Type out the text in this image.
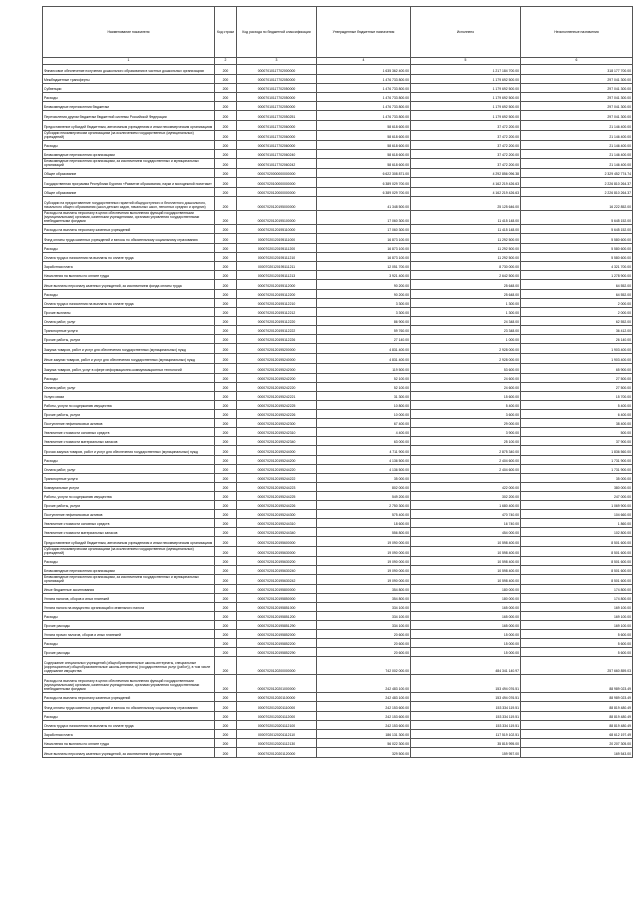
Наименование показателя	Код строки	Код расхода по бюджетной классификации	Утвержденные бюджетные назначения	Исполнено	Неисполненные назначения
1	2	3	4	5	6
Финансовое обеспечение получения дошкольного образования в частных дошкольных организациях	200	00007010117702000000	1 635 362 400.00	1 217 184 700.00	318 177 700.00
Межбюджетные трансферты	200	00007010117702050000	1 476 733 800.00	1 179 692 500.00	297 041 300.00
Субвенции	200	00007010117702050000	1 476 733 800.00	1 179 692 500.00	297 041 300.00
Расходы	200	00007010117702050000	1 476 733 800.00	1 179 692 500.00	297 041 300.00
Безвозмездные перечисления бюджетам	200	00007010117702050000	1 476 733 800.00	1 179 692 500.00	297 041 300.00
Перечисления другим бюджетам бюджетной системы Российской Федерации	200	00007010117702050251	1 476 733 800.00	1 179 692 500.00	297 041 300.00
Предоставление субсидий бюджетным, автономным учреждениям и иным некоммерческим организациям	200	00007010117702060000	58 618 600.00	37 472 200.00	21 146 400.00
Субсидии некоммерческим организациям (за исключением государственных (муниципальных) учреждений)	200	00007010117702060000	58 618 600.00	37 472 200.00	21 146 400.00
Расходы	200	00007010117702060000	58 618 600.00	37 472 200.00	21 146 400.00
Безвозмездные перечисления организациям	200	00007010117702060240	58 618 600.00	37 472 200.00	21 146 400.00
Безвозмездные перечисления организациям, за исключением государственных и муниципальных организаций	200	00007010117702060242	58 618 600.00	37 472 200.00	21 146 400.00
Общее образование	200	00007020000000000000	6 622 308 871.00	4 292 856 096.38	2 329 452 774.74
Государственная программа Республики Бурятия «Развитие образования, науки и молодежной политики»	200	00007020100000000000	6 389 029 700.00	4 162 219 426.63	2 226 810 264.37
Общее образование	200	00007020120000000000	6 389 029 700.00	4 162 219 426.63	2 226 810 264.37
Субсидии на предоставление государственных гарантий общедоступного и бесплатного дошкольного, начального общего образования (школ-детских садов, начальных школ, неполных средних и средних)	200	00007020120195000000	41 348 500.00	25 125 646.00	16 222 852.00
Расходы на выплаты персоналу в целях обеспечения выполнения функций государственными (муниципальными) органами, казенными учреждениями, органами управления государственными внебюджетными фондами	200	00007020120195100000	17 060 300.00	11 415 148.00	5 645 152.00
Расходы на выплаты персоналу казенных учреждений	200	00007020120195110000	17 060 300.00	11 415 148.00	5 645 152.00
Фонд оплаты труда казенных учреждений и взносы по обязательному социальному страхованию	200	00007020120195111000	16 873 100.00	11 292 500.00	5 580 600.00
Расходы	200	00007020120195111200	16 873 100.00	11 292 500.00	5 580 600.00
Оплата труда и начисления на выплаты по оплате труда	200	00007020120195111210	16 873 100.00	11 292 500.00	5 580 600.00
Заработная плата	200	00007020120195111211	12 051 700.00	8 730 000.00	4 321 700.00
Начисления на выплаты по оплате труда	200	00007020120195111213	3 921 400.00	2 642 500.00	1 278 900.00
Иные выплаты персоналу казенных учреждений, за исключением фонда оплаты труда	200	00007020120195112000	90 200.00	25 648.00	64 552.00
Расходы	200	00007020120195112200	90 200.00	25 648.00	64 552.00
Оплата труда и начисления на выплаты по оплате труда	200	00007020120195112210	3 300.00	1 300.00	2 000.00
Прочие выплаты	200	00007020120195112212	3 300.00	1 300.00	2 000.00
Оплата работ, услуг	200	00007020120195112220	86 900.00	24 348.00	62 552.00
Транспортные услуги	200	00007020120195112222	59 760.00	23 348.00	36 412.00
Прочие работы, услуги	200	00007020120195112226	27 140.00	1 000.00	26 140.00
Закупка товаров, работ и услуг для обеспечения государственных (муниципальных) нужд	200	00007020120195200000	4 831 400.00	2 928 000.00	1 903 400.00
Иные закупки товаров, работ и услуг для обеспечения государственных (муниципальных) нужд	200	00007020120195240000	4 831 400.00	2 928 000.00	1 903 400.00
Закупка товаров, работ, услуг в сфере информационно-коммуникационных технологий	200	00007020120195242000	119 500.00	53 600.00	65 900.00
Расходы	200	00007020120195242200	52 100.00	24 600.00	27 500.00
Оплата работ, услуг	200	00007020120195242220	52 100.00	24 600.00	27 500.00
Услуги связи	200	00007020120195242221	31 300.00	15 600.00	15 700.00
Работы, услуги по содержанию имущества	200	00007020120195242225	10 800.00	5 400.00	5 400.00
Прочие работы, услуги	200	00007020120195242226	10 000.00	3 600.00	6 400.00
Поступление нефинансовых активов	200	00007020120195242300	67 400.00	29 000.00	38 400.00
Увеличение стоимости основных средств	200	00007020120195242310	4 400.00	3 900.00	500.00
Увеличение стоимости материальных запасов	200	00007020120195242340	63 000.00	25 100.00	37 900.00
Прочая закупка товаров, работ и услуг для обеспечения государственных (муниципальных) нужд	200	00007020120195244000	4 711 900.00	2 875 340.00	1 836 560.00
Расходы	200	00007020120195244200	4 136 500.00	2 404 600.00	1 731 900.00
Оплата работ, услуг	200	00007020120195244220	4 136 500.00	2 404 600.00	1 731 900.00
Транспортные услуги	200	00007020120195244222	35 000.00		35 000.00
Коммунальные услуги	200	00007020120195244223	802 000.00	422 000.00	380 000.00
Работы, услуги по содержанию имущества	200	00007020120195244225	549 200.00	302 200.00	247 000.00
Прочие работы, услуги	200	00007020120195244226	2 750 300.00	1 680 400.00	1 069 900.00
Поступление нефинансовых активов	200	00007020120195244300	575 400.00	470 740.00	104 660.00
Увеличение стоимости основных средств	200	00007020120195244310	18 600.00	16 740.00	1 860.00
Увеличение стоимости материальных запасов	200	00007020120195244340	556 800.00	454 000.00	102 800.00
Предоставление субсидий бюджетным, автономным учреждениям и иным некоммерческим организациям	200	00007020120195600000	19 090 000.00	10 598 400.00	8 501 600.00
Субсидии некоммерческим организациям (за исключением государственных (муниципальных) учреждений)	200	00007020120195630000	19 090 000.00	10 598 400.00	8 501 600.00
Расходы	200	00007020120195630200	19 090 000.00	10 598 400.00	8 501 600.00
Безвозмездные перечисления организациям	200	00007020120195630240	19 090 000.00	10 598 400.00	8 501 600.00
Безвозмездные перечисления организациям, за исключением государственных и муниципальных организаций	200	00007020120195630242	19 090 000.00	10 598 400.00	8 501 600.00
Иные бюджетные ассигнования	200	00007020120195800000	354 800.00	180 000.00	174 800.00
Уплата налогов, сборов и иных платежей	200	00007020120195850000	354 800.00	180 000.00	174 800.00
Уплата налога на имущество организаций и земельного налога	200	00007020120195851000	334 100.00	165 000.00	169 100.00
Расходы	200	00007020120195851200	334 100.00	165 000.00	169 100.00
Прочие расходы	200	00007020120195851290	334 100.00	165 000.00	169 100.00
Уплата прочих налогов, сборов и иных платежей	200	00007020120195852000	20 600.00	15 000.00	5 600.00
Расходы	200	00007020120195852200	20 600.00	15 000.00	5 600.00
Прочие расходы	200	00007020120195852290	20 600.00	15 000.00	5 600.00
Содержание специальных учреждений (общеобразовательные школы-интернаты, специальные (коррекционные) общеобразовательные школы-интернаты) (государственных услуг (работ)), в том числе содержание имущества	200	00007020120200000000	742 002 000.00	484 341 140.97	257 660 859.03
Расходы на выплаты персоналу в целях обеспечения выполнения функций государственными (муниципальными) органами, казенными учреждениями, органами управления государственными внебюджетными фондами	200	00007020120201000000	242 483 100.00	153 494 076.51	88 989 023.49
Расходы на выплаты персоналу казенных учреждений	200	00007020120201100000	242 483 100.00	153 494 076.51	88 989 023.49
Фонд оплаты труда казенных учреждений и взносы по обязательному социальному страхованию	200	00007020120201110000	242 153 600.00	153 334 119.51	88 819 480.49
Расходы	200	00007020120201112000	242 153 600.00	153 334 119.51	88 819 480.49
Оплата труда и начисления на выплаты по оплате труда	200	00007020120201112100	242 153 600.00	153 334 119.51	88 819 480.49
Заработная плата	200	00007020120201112110	186 131 300.00	117 519 102.51	68 612 197.49
Начисления на выплаты по оплате труда	200	00007020120201112130	56 022 300.00	35 815 995.00	20 207 305.00
Иные выплаты персоналу казенных учреждений, за исключением фонда оплаты труда	200	00007020120201120000	329 500.00	159 957.00	169 543.00
